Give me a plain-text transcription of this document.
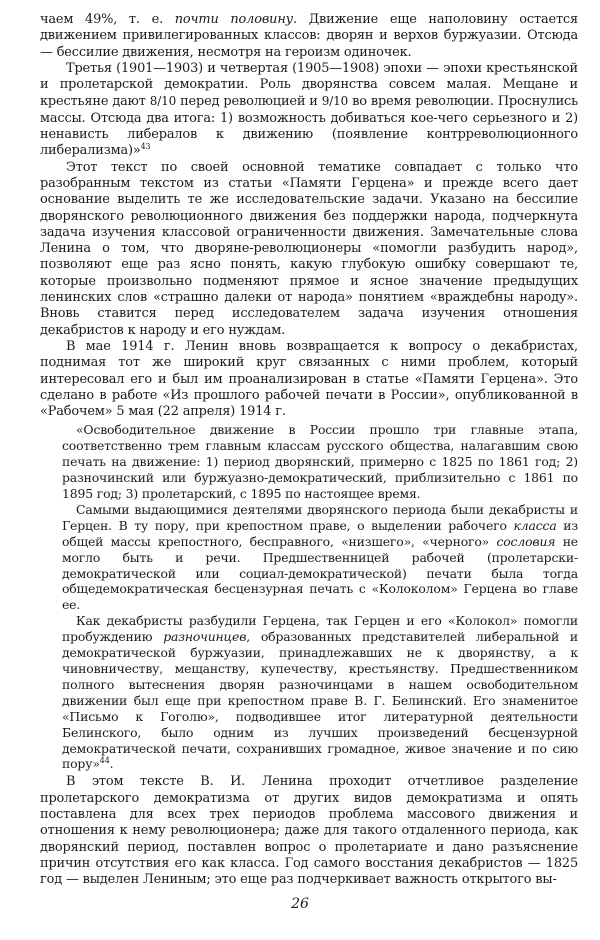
чаем 49%, т. е. почти половину. Движение еще наполовину остается движением привилегированных классов: дворян и верхов буржуазии. Отсюда — бессилие движения, несмотря на героизм одиночек.

Третья (1901—1903) и четвертая (1905—1908) эпохи — эпохи крестьянской и пролетарской демократии. Роль дворянства совсем малая. Мещане и крестьяне дают 8/10 перед революцией и 9/10 во время революции. Проснулись массы. Отсюда два итога: 1) возможность добиваться кое-чего серьезного и 2) ненависть либералов к движению (появление контрреволюционного либерализма)»$^{43}$

Этот текст по своей основной тематике совпадает с только что разобранным текстом из статьи «Памяти Герцена» и прежде всего дает основание выделить те же исследовательские задачи. Указано на бессилие дворянского революционного движения без поддержки народа, подчеркнута задача изучения классовой ограниченности движения. Замечательные слова Ленина о том, что дворяне-революционеры «помогли разбудить народ», позволяют еще раз ясно понять, какую глубокую ошибку совершают те, которые произвольно подменяют прямое и ясное значение предыдущих ленинских слов «страшно далеки от народа» понятием «враждебны народу». Вновь ставится перед исследователем задача изучения отношения декабристов к народу и его нуждам.

В мае 1914 г. Ленин вновь возвращается к вопросу о декабристах, поднимая тот же широкий круг связанных с ними проблем, который интересовал его и был им проанализирован в статье «Памяти Герцена». Это сделано в работе «Из прошлого рабочей печати в России», опубликованной в «Рабочем» 5 мая (22 апреля) 1914 г.

«Освободительное движение в России прошло три главные этапа, соответственно трем главным классам русского общества, налагавшим свою печать на движение: 1) период дворянский, примерно с 1825 по 1861 год; 2) разночинский или буржуазно-демократический, приблизительно с 1861 по 1895 год; 3) пролетарский, с 1895 по настоящее время.

Самыми выдающимися деятелями дворянского периода были декабристы и Герцен. В ту пору, при крепостном праве, о выделении рабочего класса из общей массы крепостного, бесправного, «низшего», «черного» сословия не могло быть и речи. Предшественницей рабочей (пролетарски-демократической или социал-демократической) печати была тогда общедемократическая бесцензурная печать с «Колоколом» Герцена во главе ее.

Как декабристы разбудили Герцена, так Герцен и его «Колокол» помогли пробуждению разночинцев, образованных представителей либеральной и демократической буржуазии, принадлежавших не к дворянству, а к чиновничеству, мещанству, купечеству, крестьянству. Предшественником полного вытеснения дворян разночинцами в нашем освободительном движении был еще при крепостном праве В. Г. Белинский. Его знаменитое «Письмо к Гоголю», подводившее итог литературной деятельности Белинского, было одним из лучших произведений бесцензурной демократической печати, сохранивших громадное, живое значение и по сию пору»$^{44}$.

В этом тексте В. И. Ленина проходит отчетливое разделение пролетарского демократизма от других видов демократизма и опять поставлена для всех трех периодов проблема массового движения и отношения к нему революционера; даже для такого отдаленного периода, как дворянский период, поставлен вопрос о пролетариате и дано разъяснение причин отсутствия его как класса. Год самого восстания декабристов — 1825 год — выделен Лениным; это еще раз подчеркивает важность открытого вы-

26
